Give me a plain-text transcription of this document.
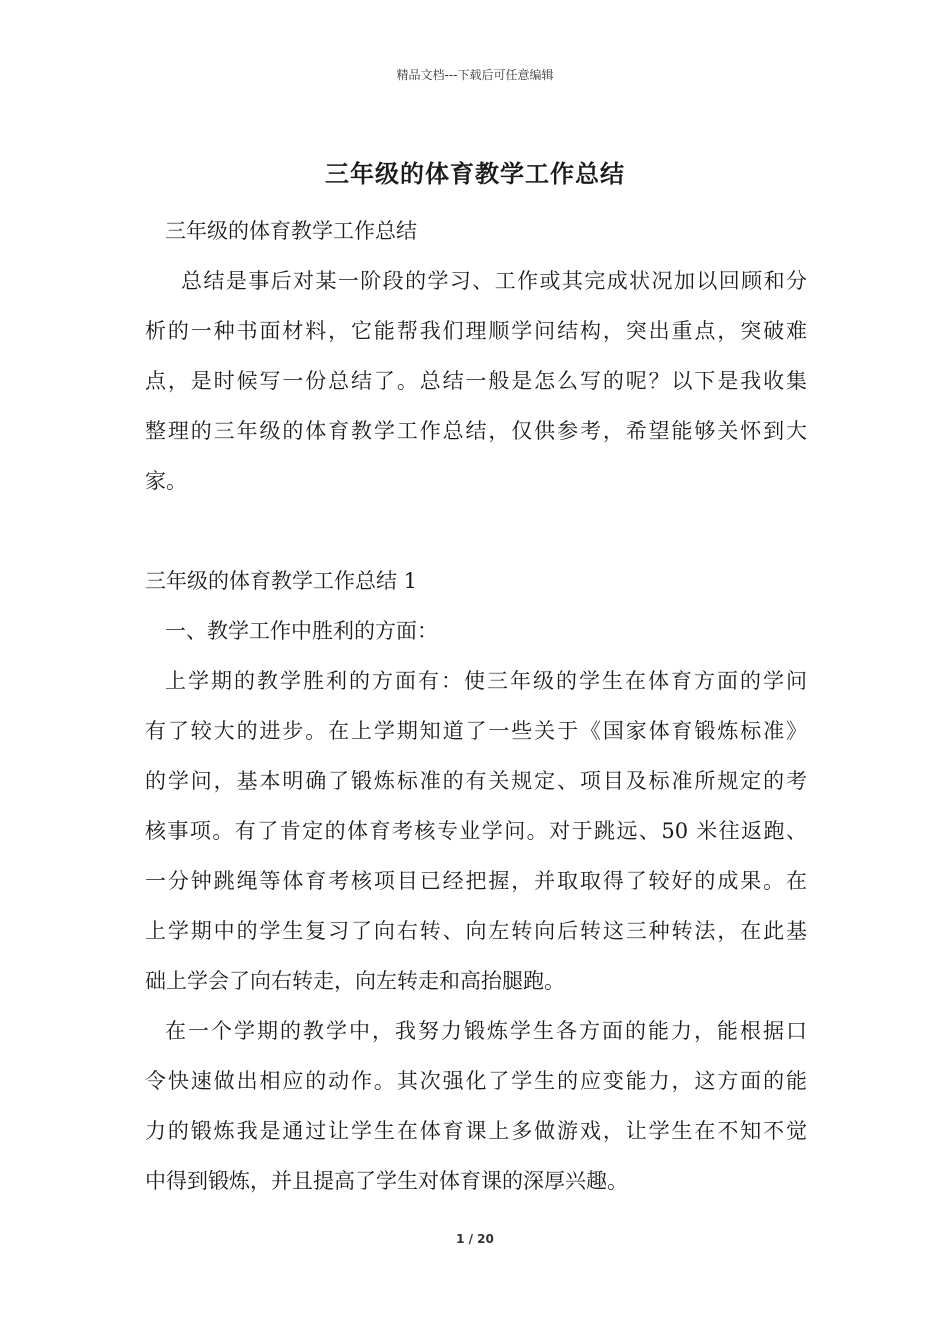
精品文档---下载后可任意编辑
三年级的体育教学工作总结
三年级的体育教学工作总结
总结是事后对某一阶段的学习、工作或其完成状况加以回顾和分
析的一种书面材料，它能帮我们理顺学问结构，突出重点，突破难
点，是时候写一份总结了。总结一般是怎么写的呢？以下是我收集
整理的三年级的体育教学工作总结，仅供参考，希望能够关怀到大
家。
三年级的体育教学工作总结 1
一、教学工作中胜利的方面：
上学期的教学胜利的方面有：使三年级的学生在体育方面的学问
有了较大的进步。在上学期知道了一些关于《国家体育锻炼标准》
的学问，基本明确了锻炼标准的有关规定、项目及标准所规定的考
核事项。有了肯定的体育考核专业学问。对于跳远、50 米往返跑、
一分钟跳绳等体育考核项目已经把握，并取取得了较好的成果。在
上学期中的学生复习了向右转、向左转向后转这三种转法，在此基
础上学会了向右转走，向左转走和高抬腿跑。
在一个学期的教学中，我努力锻炼学生各方面的能力，能根据口
令快速做出相应的动作。其次强化了学生的应变能力，这方面的能
力的锻炼我是通过让学生在体育课上多做游戏，让学生在不知不觉
中得到锻炼，并且提高了学生对体育课的深厚兴趣。
1 / 20
